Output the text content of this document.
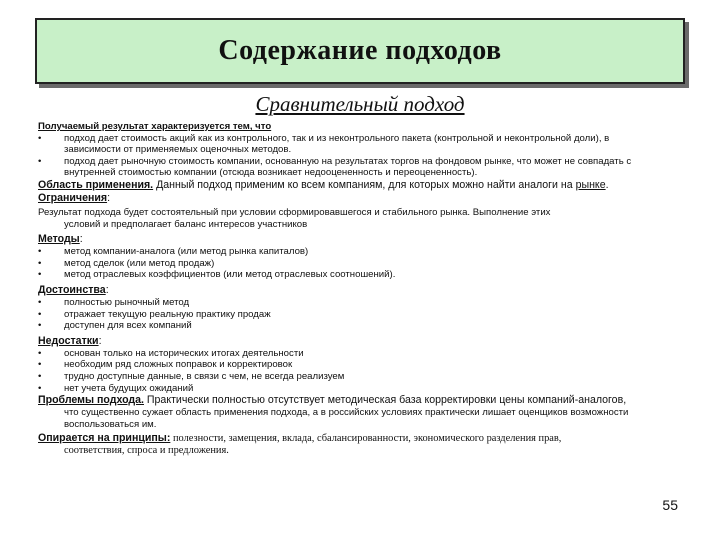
Содержание подходов
Сравнительный подход

Получаемый результат характеризуется тем, что

•	подход дает стоимость акций как из контрольного, так и из неконтрольного пакета (контрольной и неконтрольной доли), в зависимости от применяемых оценочных методов.
•	подход дает рыночную стоимость компании, основанную на результатах торгов на фондовом рынке, что может не совпадать с внутренней стоимостью компании (отсюда возникает недооцененность и переоцененность).

Область применения. Данный подход применим ко всем компаниям, для которых можно найти аналоги на рынке.

Ограничения:

Результат подхода будет состоятельный при условии сформировавшегося и стабильного рынка. Выполнение этих

условий и предполагает баланс интересов участников

Методы:

•	метод компании-аналога (или метод рынка капиталов)
•	метод сделок (или метод продаж)
•	метод отраслевых коэффициентов (или метод отраслевых соотношений).

Достоинства:

•	полностью рыночный метод
•	отражает текущую реальную практику продаж
•	доступен для всех компаний

Недостатки:

•	основан только на исторических итогах деятельности
•	необходим ряд сложных поправок и корректировок
•	трудно доступные данные, в связи с чем, не всегда реализуем
•	нет учета будущих ожиданий

Проблемы подхода. Практически полностью отсутствует методическая база корректировки цены компаний-аналогов,

что существенно сужает область применения подхода, а в российских условиях практически лишает оценщиков возможности воспользоваться им.

Опирается на принципы: полезности, замещения, вклада, сбалансированности, экономического разделения прав,

соответствия, спроса и предложения.

55
